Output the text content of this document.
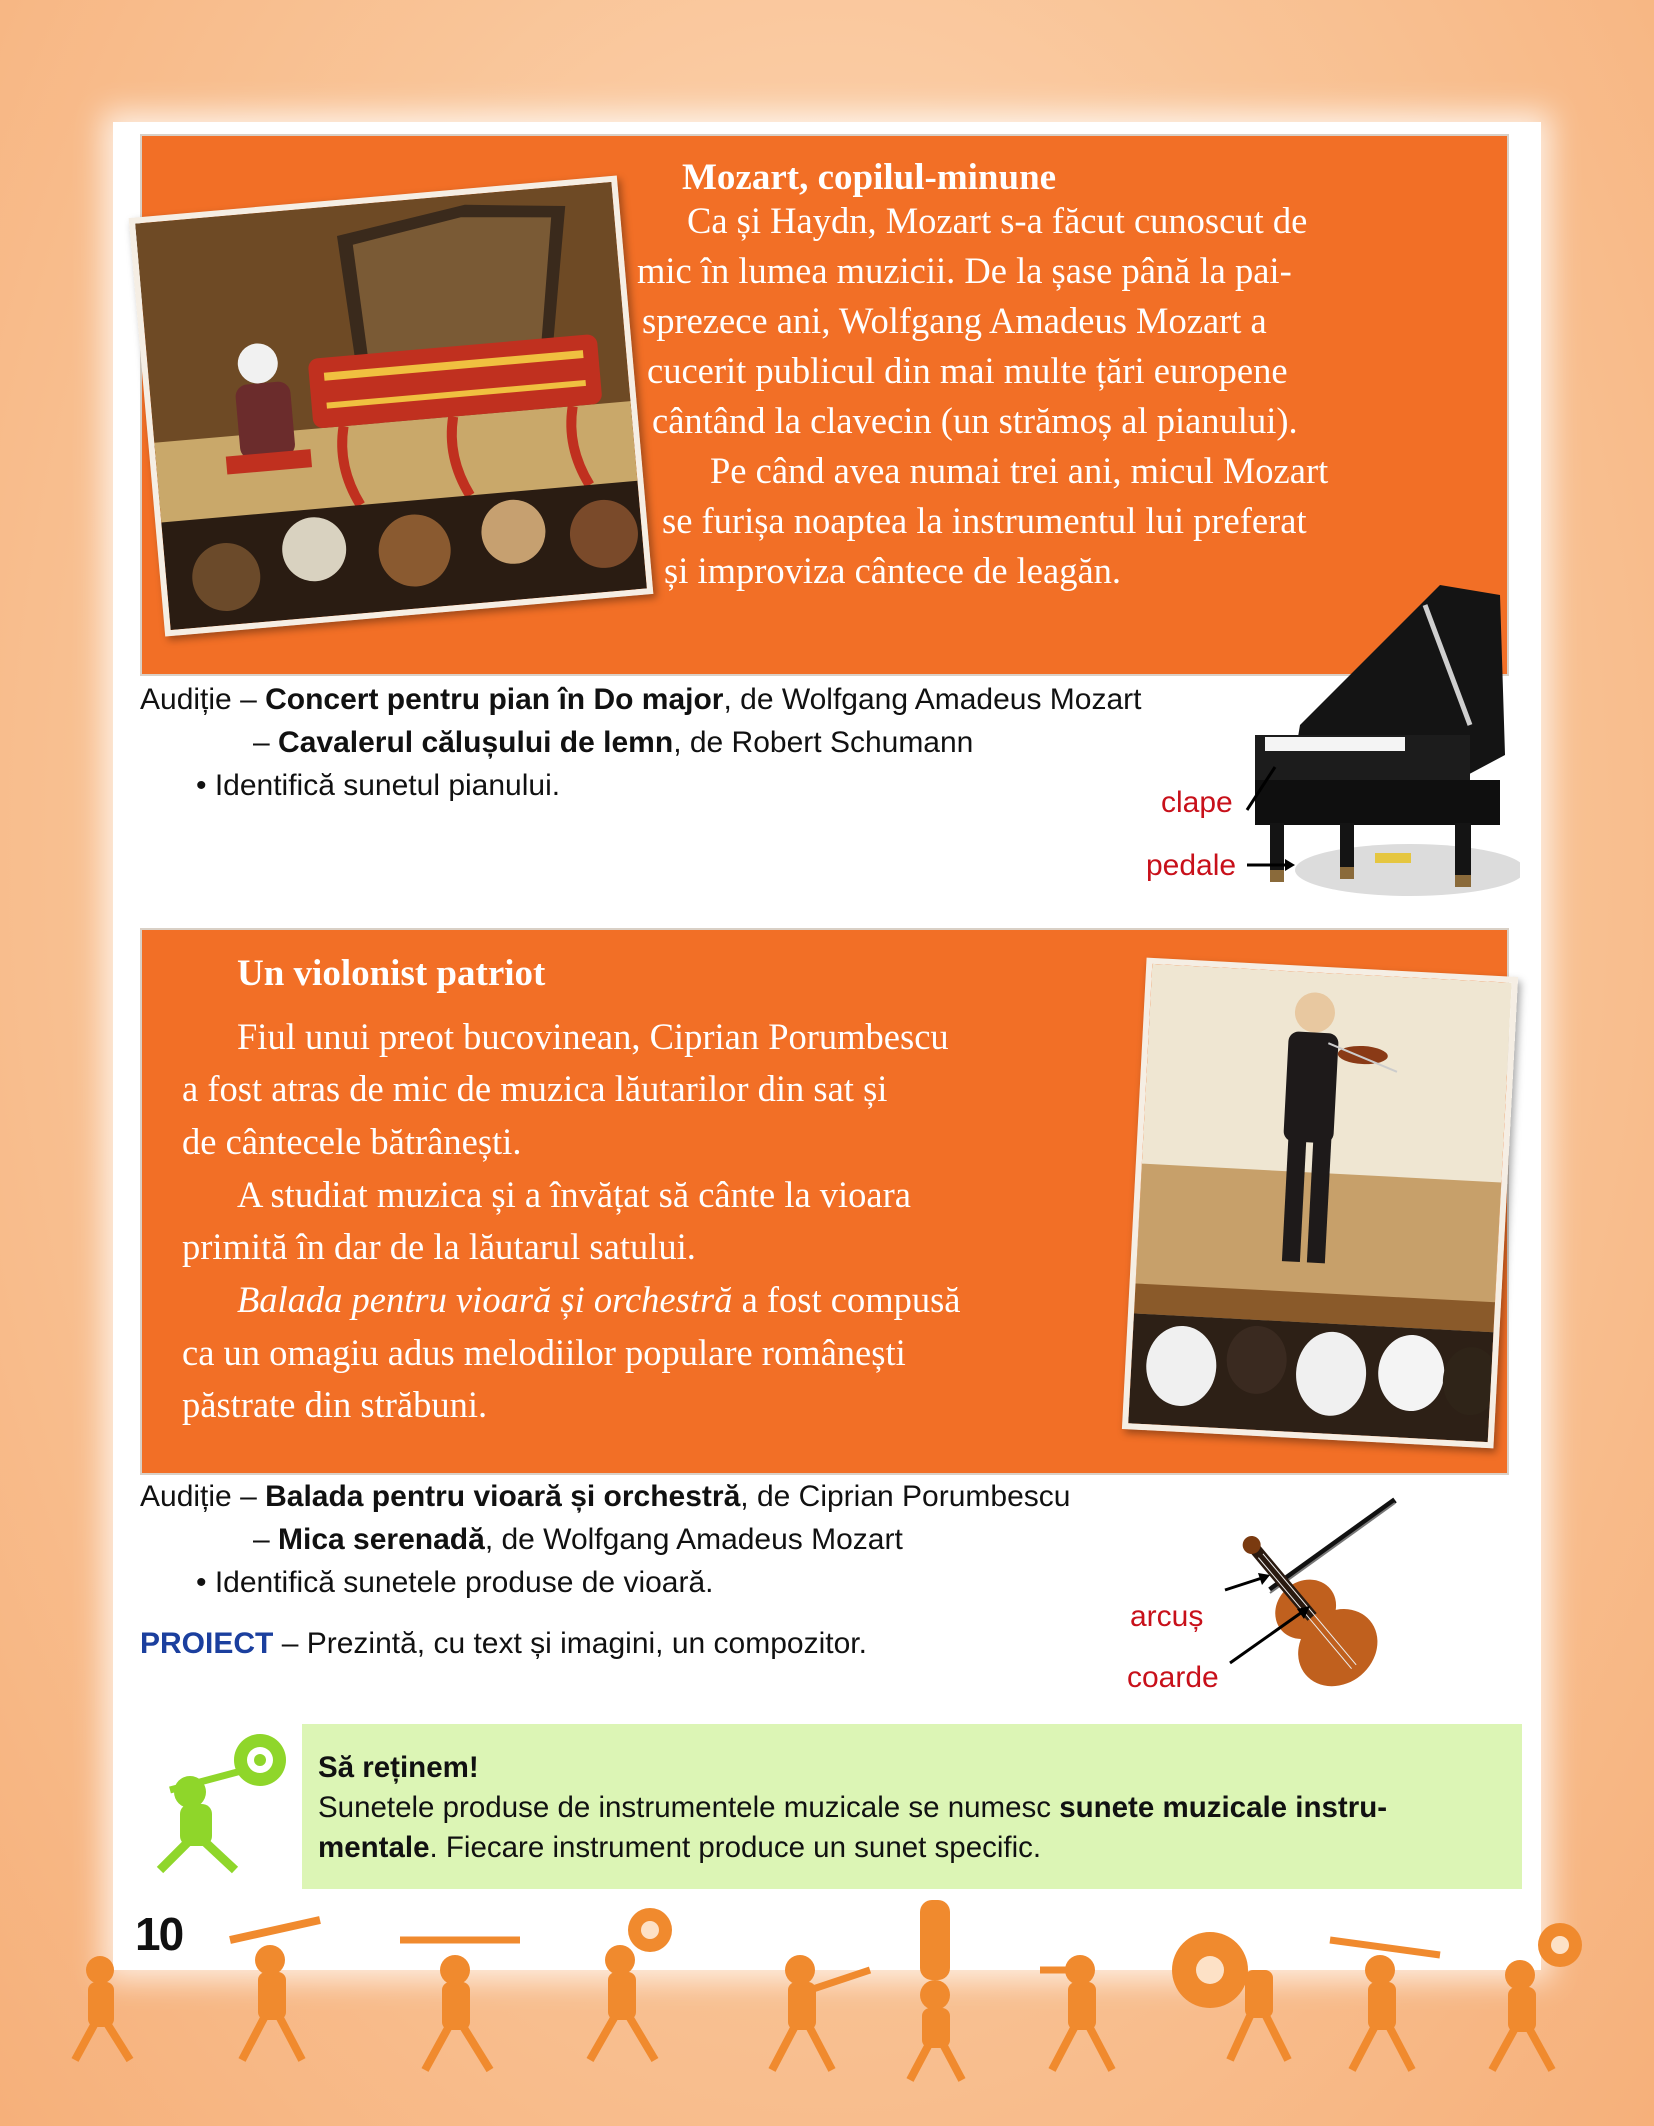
Mozart, copilul-minune
Ca și Haydn, Mozart s-a făcut cunoscut de
mic în lumea muzicii. De la șase până la pai-
sprezece ani, Wolfgang Amadeus Mozart a
cucerit publicul din mai multe țări europene
cântând la clavecin (un strămoș al pianului).
Pe când avea numai trei ani, micul Mozart
se furișa noaptea la instrumentul lui preferat
și improviza cântece de leagăn.
Audiție – Concert pentru pian în Do major, de Wolfgang Amadeus Mozart
– Cavalerul călușului de lemn, de Robert Schumann
• Identifică sunetul pianului.
clape
pedale
Un violonist patriot
Fiul unui preot bucovinean, Ciprian Porumbescu
a fost atras de mic de muzica lăutarilor din sat și
de cântecele bătrânești.
A studiat muzica și a învățat să cânte la vioara
primită în dar de la lăutarul satului.
Balada pentru vioară și orchestră a fost compusă
ca un omagiu adus melodiilor populare românești
păstrate din străbuni.
Audiție – Balada pentru vioară și orchestră, de Ciprian Porumbescu
– Mica serenadă, de Wolfgang Amadeus Mozart
• Identifică sunetele produse de vioară.
PROIECT – Prezintă, cu text și imagini, un compozitor.
arcuș
coarde
Să reținem!
Sunetele produse de instrumentele muzicale se numesc sunete muzicale instru-
mentale. Fiecare instrument produce un sunet specific.
10
